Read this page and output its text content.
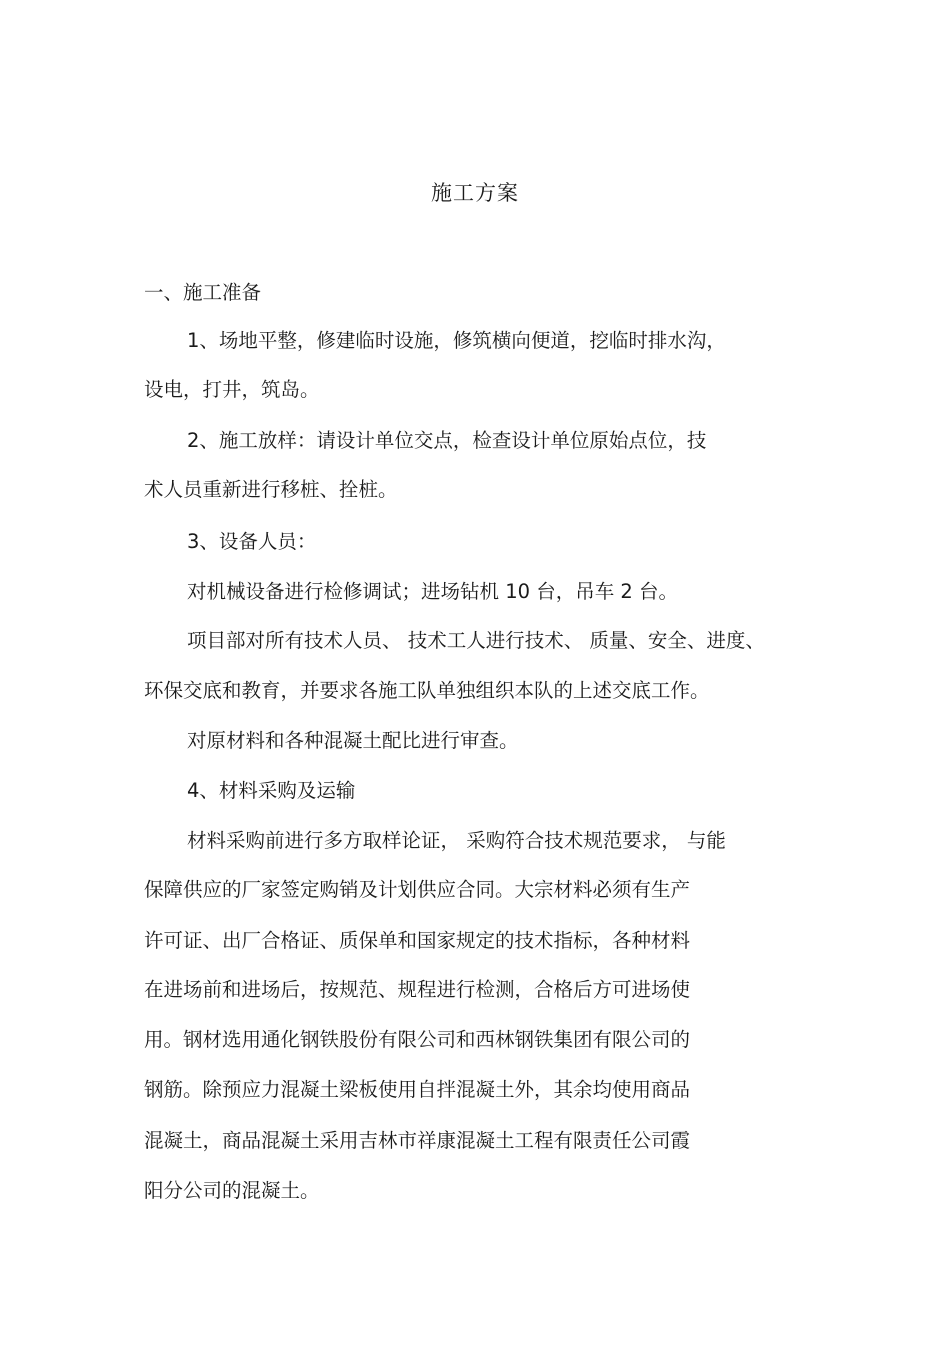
施工方案

一、施工准备

1、场地平整，修建临时设施，修筑横向便道，挖临时排水沟，

设电，打井，筑岛。

2、施工放样：请设计单位交点，检查设计单位原始点位，技

术人员重新进行移桩、拴桩。

3、设备人员：

对机械设备进行检修调试；进场钻机 10 台，吊车 2 台。

项目部对所有技术人员、 技术工人进行技术、 质量、安全、进度、

环保交底和教育，并要求各施工队单独组织本队的上述交底工作。

对原材料和各种混凝土配比进行审查。

4、材料采购及运输

材料采购前进行多方取样论证， 采购符合技术规范要求， 与能

保障供应的厂家签定购销及计划供应合同。大宗材料必须有生产

许可证、出厂合格证、质保单和国家规定的技术指标，各种材料

在进场前和进场后，按规范、规程进行检测，合格后方可进场使

用。钢材选用通化钢铁股份有限公司和西林钢铁集团有限公司的

钢筋。除预应力混凝土梁板使用自拌混凝土外，其余均使用商品

混凝土，商品混凝土采用吉林市祥康混凝土工程有限责任公司霞

阳分公司的混凝土。
